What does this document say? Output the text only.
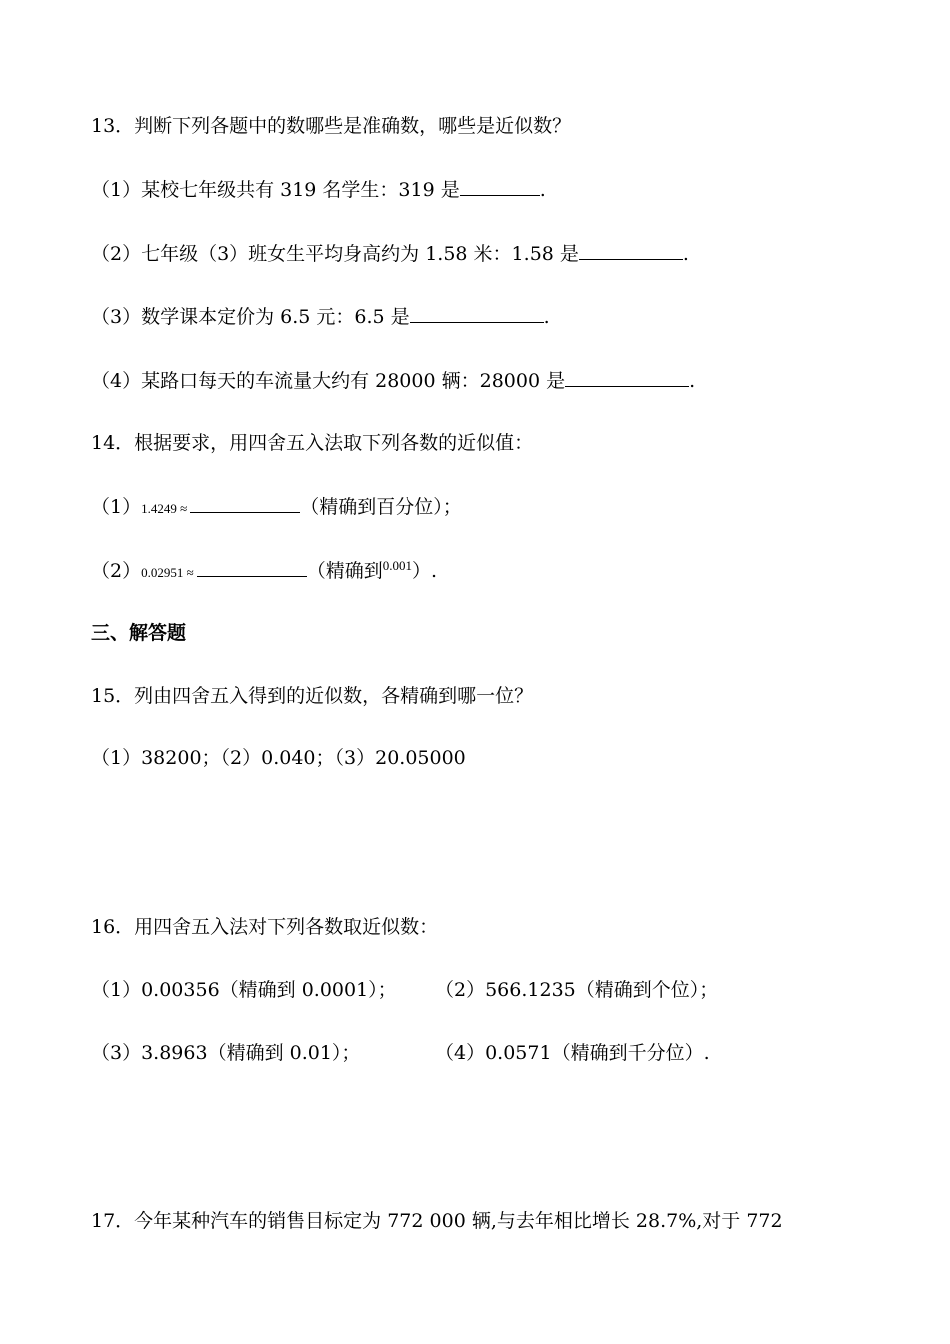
13．判断下列各题中的数哪些是准确数，哪些是近似数？
（1）某校七年级共有 319 名学生：319 是	.
（2）七年级（3）班女生平均身高约为 1.58 米：1.58 是	.
（3）数学课本定价为 6.5 元：6.5 是	.
（4）某路口每天的车流量大约有 28000 辆：28000 是	.
14．根据要求，用四舍五入法取下列各数的近似值：
（1）1.4249 ≈	（精确到百分位）；
（2）0.02951 ≈	（精确到$^{0.001}$）.
三、解答题
15．列由四舍五入得到的近似数，各精确到哪一位？
（1）38200；（2）0.040；（3）20.05000
16．用四舍五入法对下列各数取近似数：
（1）0.00356（精确到 0.0001）； （2）566.1235（精确到个位）；
（3）3.8963（精确到 0.01）；	（4）0.0571（精确到千分位）.
17．今年某种汽车的销售目标定为 772 000 辆,与去年相比增长 28.7%,对于 772
